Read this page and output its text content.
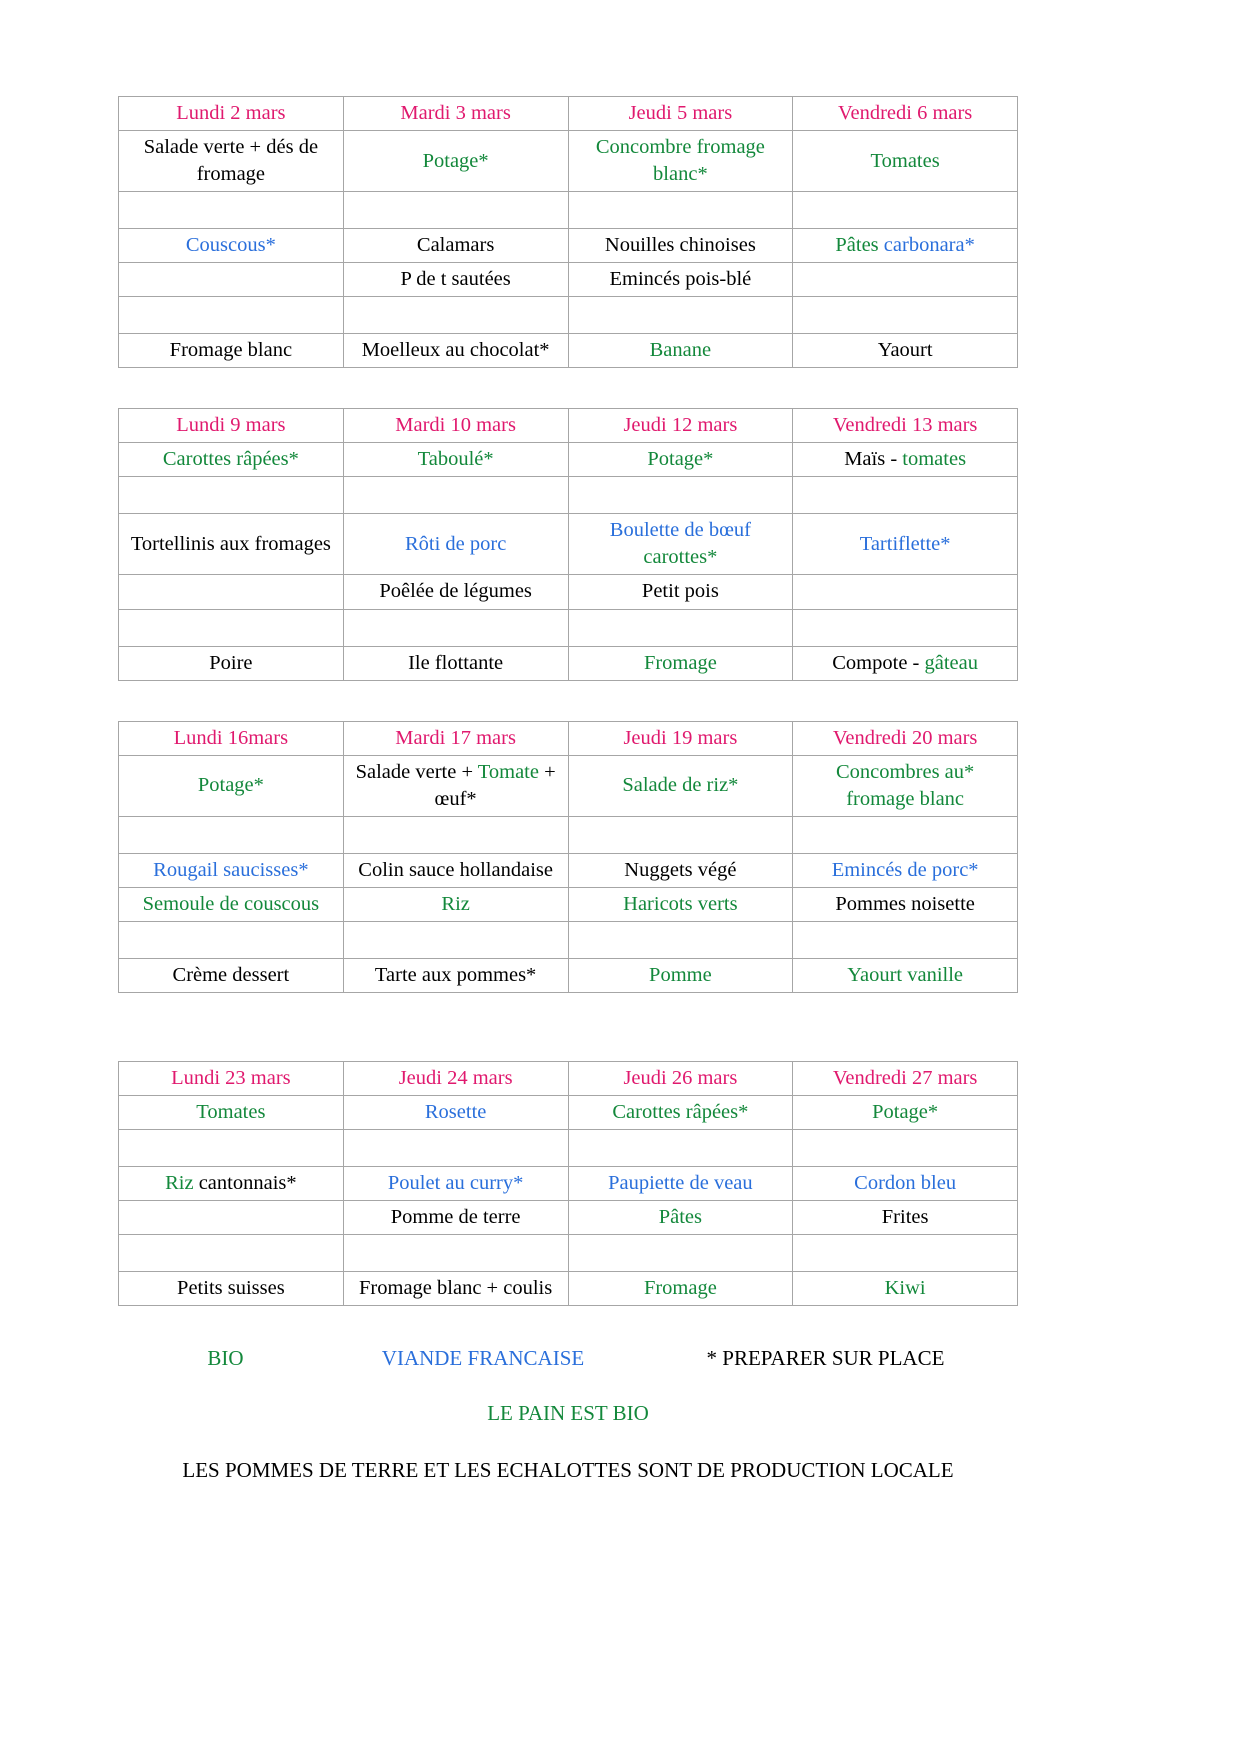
Lundi 2 mars	Mardi 3 mars	Jeudi 5 mars	Vendredi 6 mars
Salade verte + dés de fromage	Potage*	Concombre fromage blanc*	Tomates

Couscous*	Calamars	Nouilles chinoises	Pâtes carbonara*
	P de t sautées	Emincés pois-blé	

Fromage blanc	Moelleux au chocolat*	Banane	Yaourt
Lundi 9 mars	Mardi 10 mars	Jeudi 12 mars	Vendredi 13 mars
Carottes râpées*	Taboulé*	Potage*	Maïs - tomates

Tortellinis aux fromages	Rôti de porc	Boulette de bœuf carottes*	Tartiflette*
	Poêlée de légumes	Petit pois	

Poire	Ile flottante	Fromage	Compote - gâteau
Lundi 16mars	Mardi 17 mars	Jeudi 19 mars	Vendredi 20 mars
Potage*	Salade verte + Tomate + œuf*	Salade de riz*	Concombres au* fromage blanc

Rougail saucisses*	Colin sauce hollandaise	Nuggets végé	Emincés de porc*
Semoule de couscous	Riz	Haricots verts	Pommes noisette

Crème dessert	Tarte aux pommes*	Pomme	Yaourt vanille
Lundi 23 mars	Jeudi 24 mars	Jeudi 26 mars	Vendredi 27 mars
Tomates	Rosette	Carottes râpées*	Potage*

Riz cantonnais*	Poulet au curry*	Paupiette de veau	Cordon bleu
	Pomme de terre	Pâtes	Frites

Petits suisses	Fromage blanc + coulis	Fromage	Kiwi
BIO	VIANDE FRANCAISE	* PREPARER SUR PLACE
LE PAIN EST BIO
LES POMMES DE TERRE ET LES ECHALOTTES SONT DE PRODUCTION LOCALE
